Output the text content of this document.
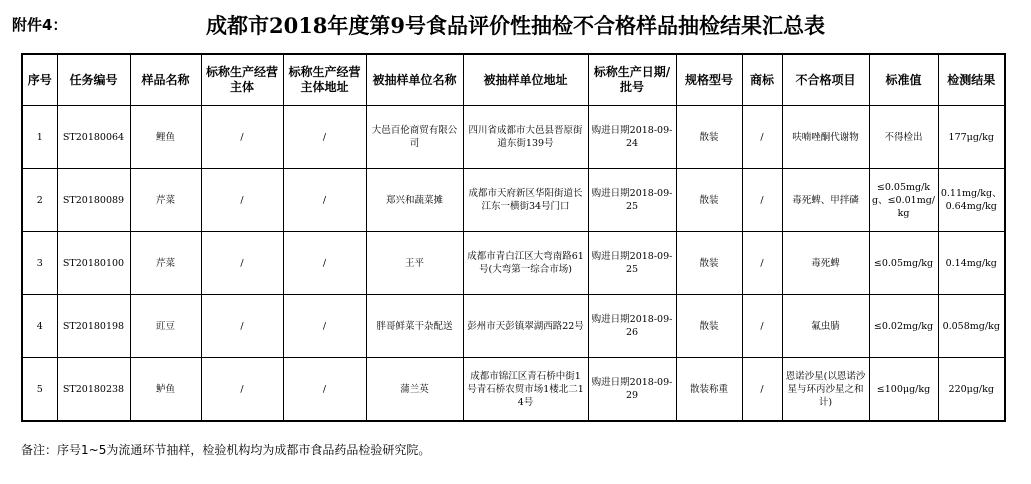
附件4：	成都市2018年度第9号食品评价性抽检不合格样品抽检结果汇总表
序号	任务编号	样品名称	标称生产经营主体	标称生产经营主体地址	被抽样单位名称	被抽样单位地址	标称生产日期/批号	规格型号	商标	不合格项目	标准值	检测结果
1	ST20180064	鲤鱼	/	/	大邑百伦商贸有限公司	四川省成都市大邑县晋原街道东街139号	购进日期2018-09-24	散装	/	呋喃唑酮代谢物	不得检出	177μg/kg
2	ST20180089	芹菜	/	/	郑兴和蔬菜摊	成都市天府新区华阳街道长江东一横街34号门口	购进日期2018-09-25	散装	/	毒死蜱、甲拌磷	≤0.05mg/kg、≤0.01mg/kg	0.11mg/kg、0.64mg/kg
3	ST20180100	芹菜	/	/	王平	成都市青白江区大弯南路61号(大弯第一综合市场)	购进日期2018-09-25	散装	/	毒死蜱	≤0.05mg/kg	0.14mg/kg
4	ST20180198	豇豆	/	/	胖哥鲜菜干杂配送	彭州市天彭镇翠湖西路22号	购进日期2018-09-26	散装	/	氟虫腈	≤0.02mg/kg	0.058mg/kg
5	ST20180238	鲈鱼	/	/	蒲兰英	成都市锦江区青石桥中街1号青石桥农贸市场1楼北二14号	购进日期2018-09-29	散装称重	/	恩诺沙星(以恩诺沙星与环丙沙星之和计)	≤100μg/kg	220μg/kg
备注：序号1~5为流通环节抽样，检验机构均为成都市食品药品检验研究院。
